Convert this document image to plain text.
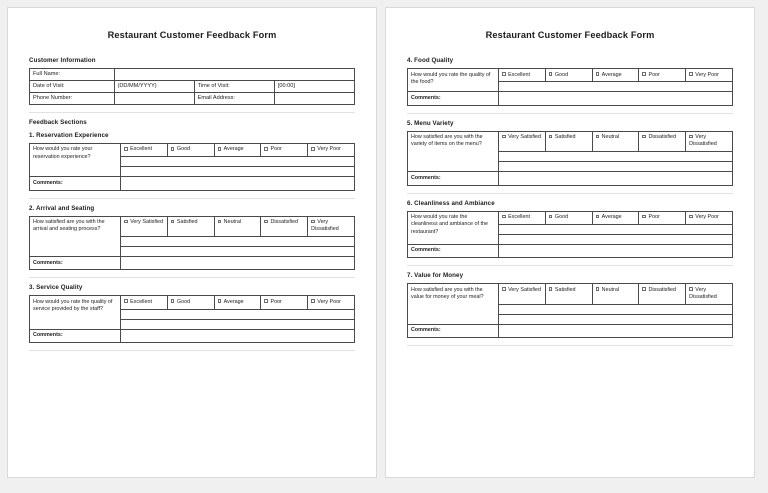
Restaurant Customer Feedback Form
Customer Information
Full Name:			
Date of Visit:	(DD/MM/YYYY)	Time of Visit:	[00:00]
Phone Number:		Email Address:	
Feedback Sections
1. Reservation Experience
How would you rate your reservation experience?	Excellent	Good	Average	Poor	Very Poor

Comments:	
2. Arrival and Seating
How satisfied are you with the arrival and seating process?	Very Satisfied	Satisfied	Neutral	Dissatisfied	Very Dissatisfied

Comments:	
3. Service Quality
How would you rate the quality of service provided by the staff?	Excellent	Good	Average	Poor	Very Poor

Comments:	
Restaurant Customer Feedback Form
4. Food Quality
How would you rate the quality of the food?	Excellent	Good	Average	Poor	Very Poor

Comments:	
5. Menu Variety
How satisfied are you with the variety of items on the menu?	Very Satisfied	Satisfied	Neutral	Dissatisfied	Very Dissatisfied

Comments:	
6. Cleanliness and Ambiance
How would you rate the cleanliness and ambiance of the restaurant?	Excellent	Good	Average	Poor	Very Poor

Comments:	
7. Value for Money
How satisfied are you with the value for money of your meal?	Very Satisfied	Satisfied	Neutral	Dissatisfied	Very Dissatisfied

Comments:	
